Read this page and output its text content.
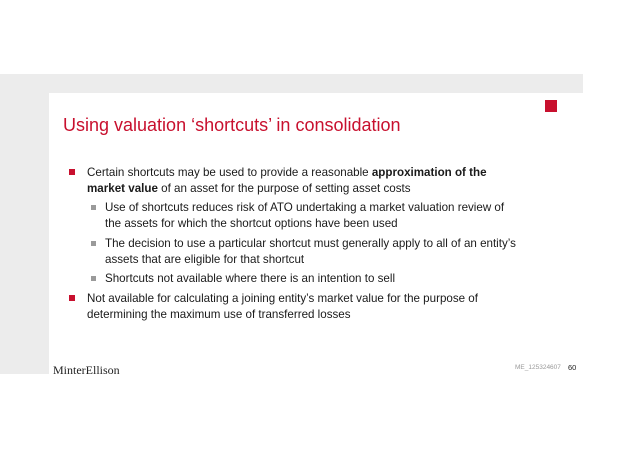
Using valuation ‘shortcuts’ in consolidation
Certain shortcuts may be used to provide a reasonable approximation of the market value of an asset for the purpose of setting asset costs
Use of shortcuts reduces risk of ATO undertaking a market valuation review of the assets for which the shortcut options have been used
The decision to use a particular shortcut must generally apply to all of an entity’s assets that are eligible for that shortcut
Shortcuts not available where there is an intention to sell
Not available for calculating a joining entity’s market value for the purpose of determining the maximum use of transferred losses
MinterEllison	ME_125324607 60
